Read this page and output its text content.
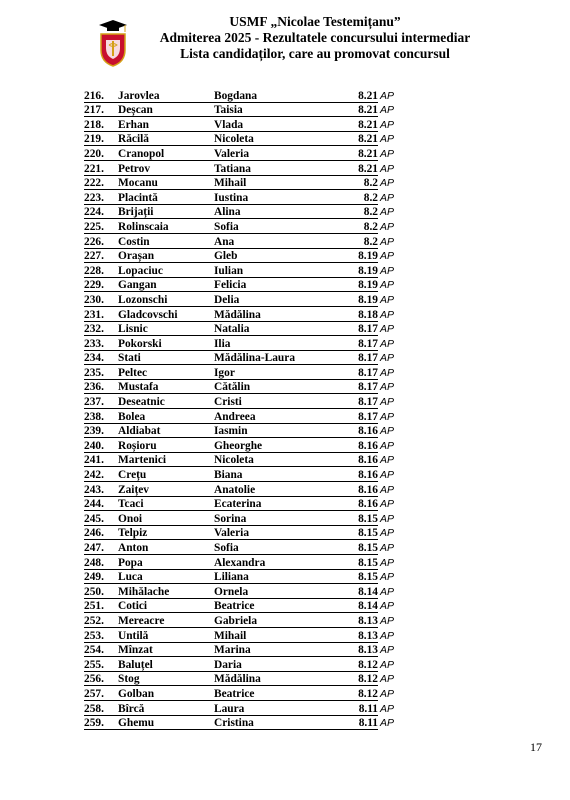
USMF „Nicolae Testemițanu”
Admiterea 2025 - Rezultatele concursului intermediar
Lista candidaților, care au promovat concursul
216. Jarovlea	Bogdana	8.21 AP
217. Deșcan	Taisia	8.21 AP
218. Erhan	Vlada	8.21 AP
219. Răcilă	Nicoleta	8.21 AP
220. Cranopol	Valeria	8.21 AP
221. Petrov	Tatiana	8.21 AP
222. Mocanu	Mihail	8.2 AP
223. Placintă	Iustina	8.2 AP
224. Brijații	Alina	8.2 AP
225. Rolinscaia	Sofia	8.2 AP
226. Costin	Ana	8.2 AP
227. Orașan	Gleb	8.19 AP
228. Lopaciuc	Iulian	8.19 AP
229. Gangan	Felicia	8.19 AP
230. Lozonschi	Delia	8.19 AP
231. Gladcovschi	Mădălina	8.18 AP
232. Lisnic	Natalia	8.17 AP
233. Pokorski	Ilia	8.17 AP
234. Stati	Mădălina-Laura	8.17 AP
235. Peltec	Igor	8.17 AP
236. Mustafa	Cătălin	8.17 AP
237. Deseatnic	Cristi	8.17 AP
238. Bolea	Andreea	8.17 AP
239. Aldiabat	Iasmin	8.16 AP
240. Roșioru	Gheorghe	8.16 AP
241. Martenici	Nicoleta	8.16 AP
242. Crețu	Biana	8.16 AP
243. Zaițev	Anatolie	8.16 AP
244. Tcaci	Ecaterina	8.16 AP
245. Onoi	Sorina	8.15 AP
246. Telpiz	Valeria	8.15 AP
247. Anton	Sofia	8.15 AP
248. Popa	Alexandra	8.15 AP
249. Luca	Liliana	8.15 AP
250. Mihălache	Ornela	8.14 AP
251. Cotici	Beatrice	8.14 AP
252. Mereacre	Gabriela	8.13 AP
253. Untilă	Mihail	8.13 AP
254. Mînzat	Marina	8.13 AP
255. Baluțel	Daria	8.12 AP
256. Stog	Mădălina	8.12 AP
257. Golban	Beatrice	8.12 AP
258. Bîrcă	Laura	8.11 AP
259. Ghemu	Cristina	8.11 AP
17
